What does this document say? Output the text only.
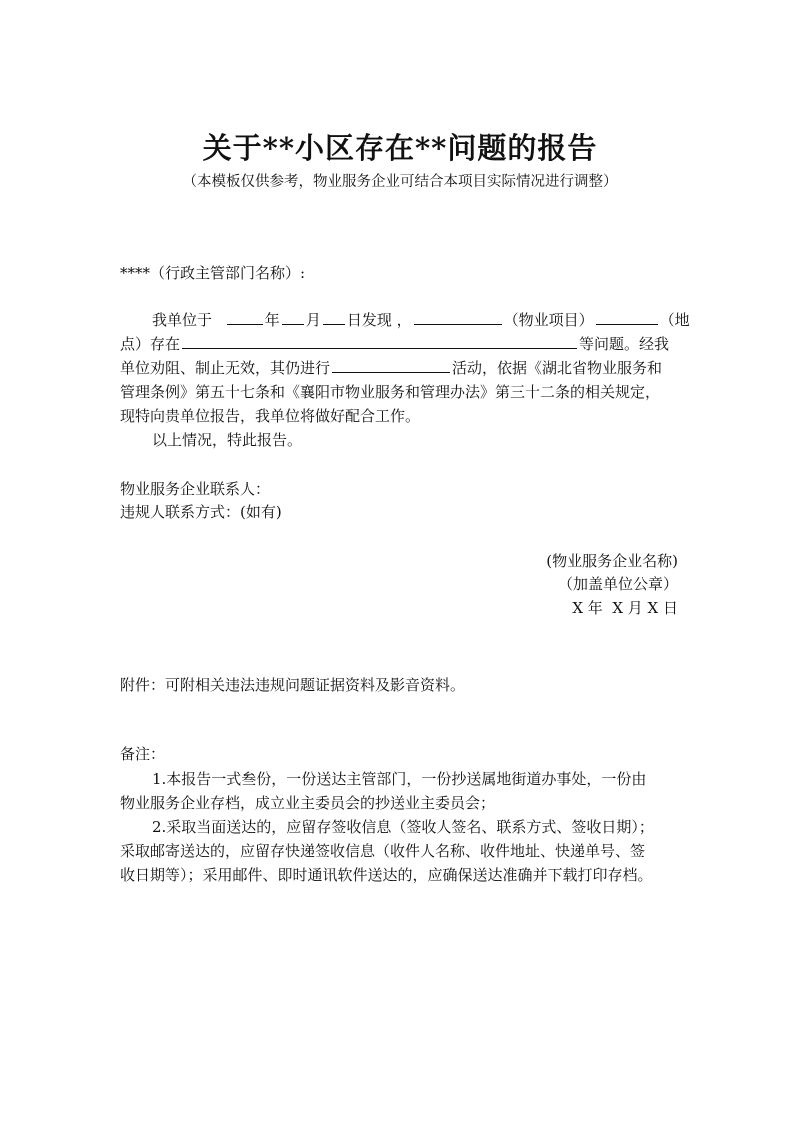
关于**小区存在**问题的报告
（本模板仅供参考，物业服务企业可结合本项目实际情况进行调整）
****（行政主管部门名称）:
我单位于	年 月 日发现 ，	（物业项目）	（地
点）存在	等问题。经我
单位劝阻、制止无效，其仍进行	活动，依据《湖北省物业服务和
管理条例》第五十七条和《襄阳市物业服务和管理办法》第三十二条的相关规定，
现特向贵单位报告，我单位将做好配合工作。
以上情况，特此报告。
物业服务企业联系人：
违规人联系方式：(如有)
(物业服务企业名称)
（加盖单位公章）
X 年  X 月 X 日
附件：可附相关违法违规问题证据资料及影音资料。
备注：
1.本报告一式叁份，一份送达主管部门，一份抄送属地街道办事处，一份由
物业服务企业存档，成立业主委员会的抄送业主委员会；
2.采取当面送达的，应留存签收信息（签收人签名、联系方式、签收日期）；
采取邮寄送达的，应留存快递签收信息（收件人名称、收件地址、快递单号、签
收日期等）；采用邮件、即时通讯软件送达的，应确保送达准确并下载打印存档。
